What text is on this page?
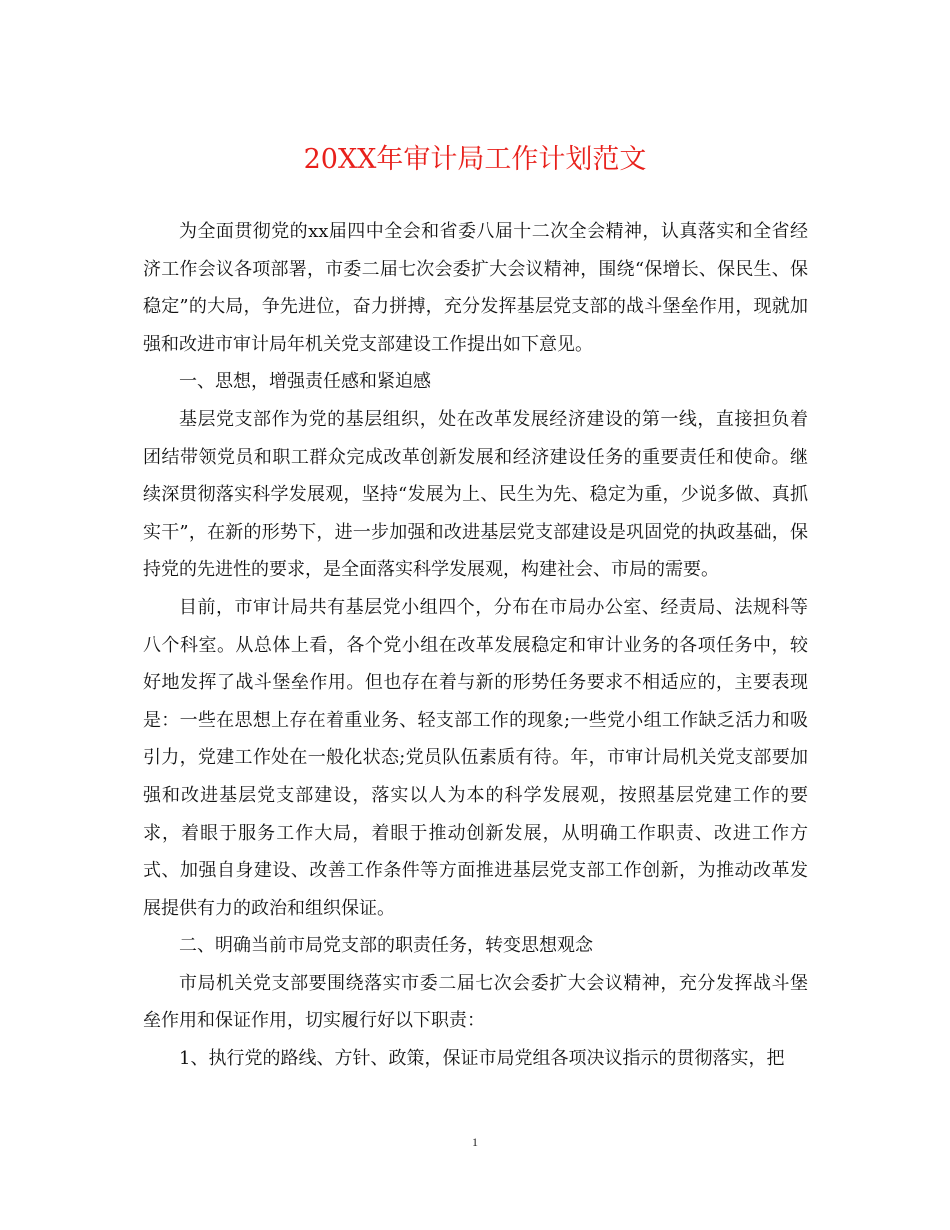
20XX年审计局工作计划范文

为全面贯彻党的xx届四中全会和省委八届十二次全会精神，认真落实和全省经济工作会议各项部署，市委二届七次会委扩大会议精神，围绕“保增长、保民生、保稳定”的大局，争先进位，奋力拼搏，充分发挥基层党支部的战斗堡垒作用，现就加强和改进市审计局年机关党支部建设工作提出如下意见。

一、思想，增强责任感和紧迫感

基层党支部作为党的基层组织，处在改革发展经济建设的第一线，直接担负着团结带领党员和职工群众完成改革创新发展和经济建设任务的重要责任和使命。继续深贯彻落实科学发展观，坚持“发展为上、民生为先、稳定为重，少说多做、真抓实干”，在新的形势下，进一步加强和改进基层党支部建设是巩固党的执政基础，保持党的先进性的要求，是全面落实科学发展观，构建社会、市局的需要。

目前，市审计局共有基层党小组四个，分布在市局办公室、经责局、法规科等八个科室。从总体上看，各个党小组在改革发展稳定和审计业务的各项任务中，较好地发挥了战斗堡垒作用。但也存在着与新的形势任务要求不相适应的，主要表现是：一些在思想上存在着重业务、轻支部工作的现象;一些党小组工作缺乏活力和吸引力，党建工作处在一般化状态;党员队伍素质有待。年，市审计局机关党支部要加强和改进基层党支部建设，落实以人为本的科学发展观，按照基层党建工作的要求，着眼于服务工作大局，着眼于推动创新发展，从明确工作职责、改进工作方式、加强自身建设、改善工作条件等方面推进基层党支部工作创新，为推动改革发展提供有力的政治和组织保证。

二、明确当前市局党支部的职责任务，转变思想观念

市局机关党支部要围绕落实市委二届七次会委扩大会议精神，充分发挥战斗堡垒作用和保证作用，切实履行好以下职责：

1、执行党的路线、方针、政策，保证市局党组各项决议指示的贯彻落实，把

1
